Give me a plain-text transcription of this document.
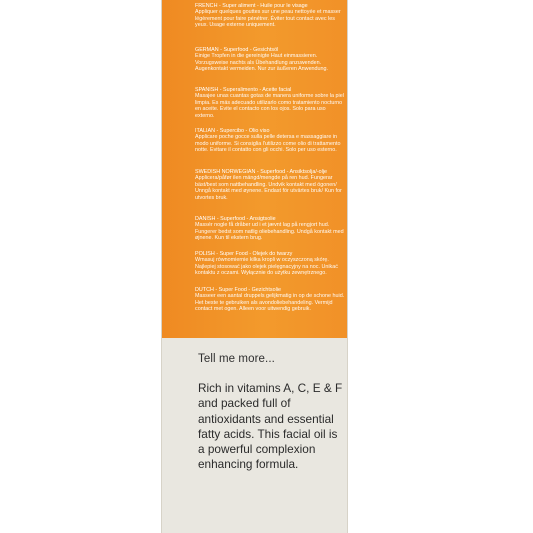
FRENCH - Super aliment - Huile pour le visage
Appliquer quelques gouttes sur une peau nettoyée et masser légèrement pour faire pénétrer. Éviter tout contact avec les yeux. Usage externe uniquement.
GERMAN - Superfood - Gesichtsöl
Einige Tropfen in die gereinigte Haut einmassieren. Vorzugsweise nachts als Übehandlung anzuwenden. Augenkontakt vermeiden. Nur zur äußeren Anwendung.
SPANISH - Superalimento - Aceite facial
Masajee unas cuantas gotas de manera uniforme sobre la piel limpia. Es más adecuado utilizarlo como tratamiento nocturno en aceite. Evite el contacto con los ojos. Solo para uso externo.
ITALIAN - Supercibo - Olio viso
Applicare poche gocce sulla pelle detersa e massaggiare in modo uniforme. Si consiglia l'utilizzo come olio di trattamento notte. Evitare il contatto con gli occhi. Solo per uso esterno.
SWEDISH NORWEGIAN - Superfood - Ansiktsolja/-olje
Applicera/påfør ilen mängd/mengde på ren hud. Fungerar bäst/best som nattbehandling. Undvik kontakt med ögonen/ Unngå kontakt med øynene. Endast för utvärtes bruk/ Kun for utvortes bruk.
DANISH - Superfood - Ansigtsolie
Massér nogle få dråber ud i et jævnt lag på rengjort hud. Fungerer bedst som natlig oliebehandling. Undgå kontakt med øjnene. Kun til ekstern brug.
POLISH - Super Food - Olejek do twarzy
Wmasuj równomiernie kilka kropli w oczyszczoną skórę. Najlepiej stosować jako olejek pielęgnacyjny na noc. Unikać kontaktu z oczami. Wyłącznie do użytku zewnętrznego.
DUTCH - Super Food - Gezichtsolie
Masseer een aantal druppels gelijkmatig in op de schone huid. Het beste te gebruiken als avondoliebehandeling. Vermijd contact met ogen. Alleen voor uitwendig gebruik.
Tell me more...
Rich in vitamins A, C, E & F and packed full of antioxidants and essential fatty acids. This facial oil is a powerful complexion enhancing formula.
